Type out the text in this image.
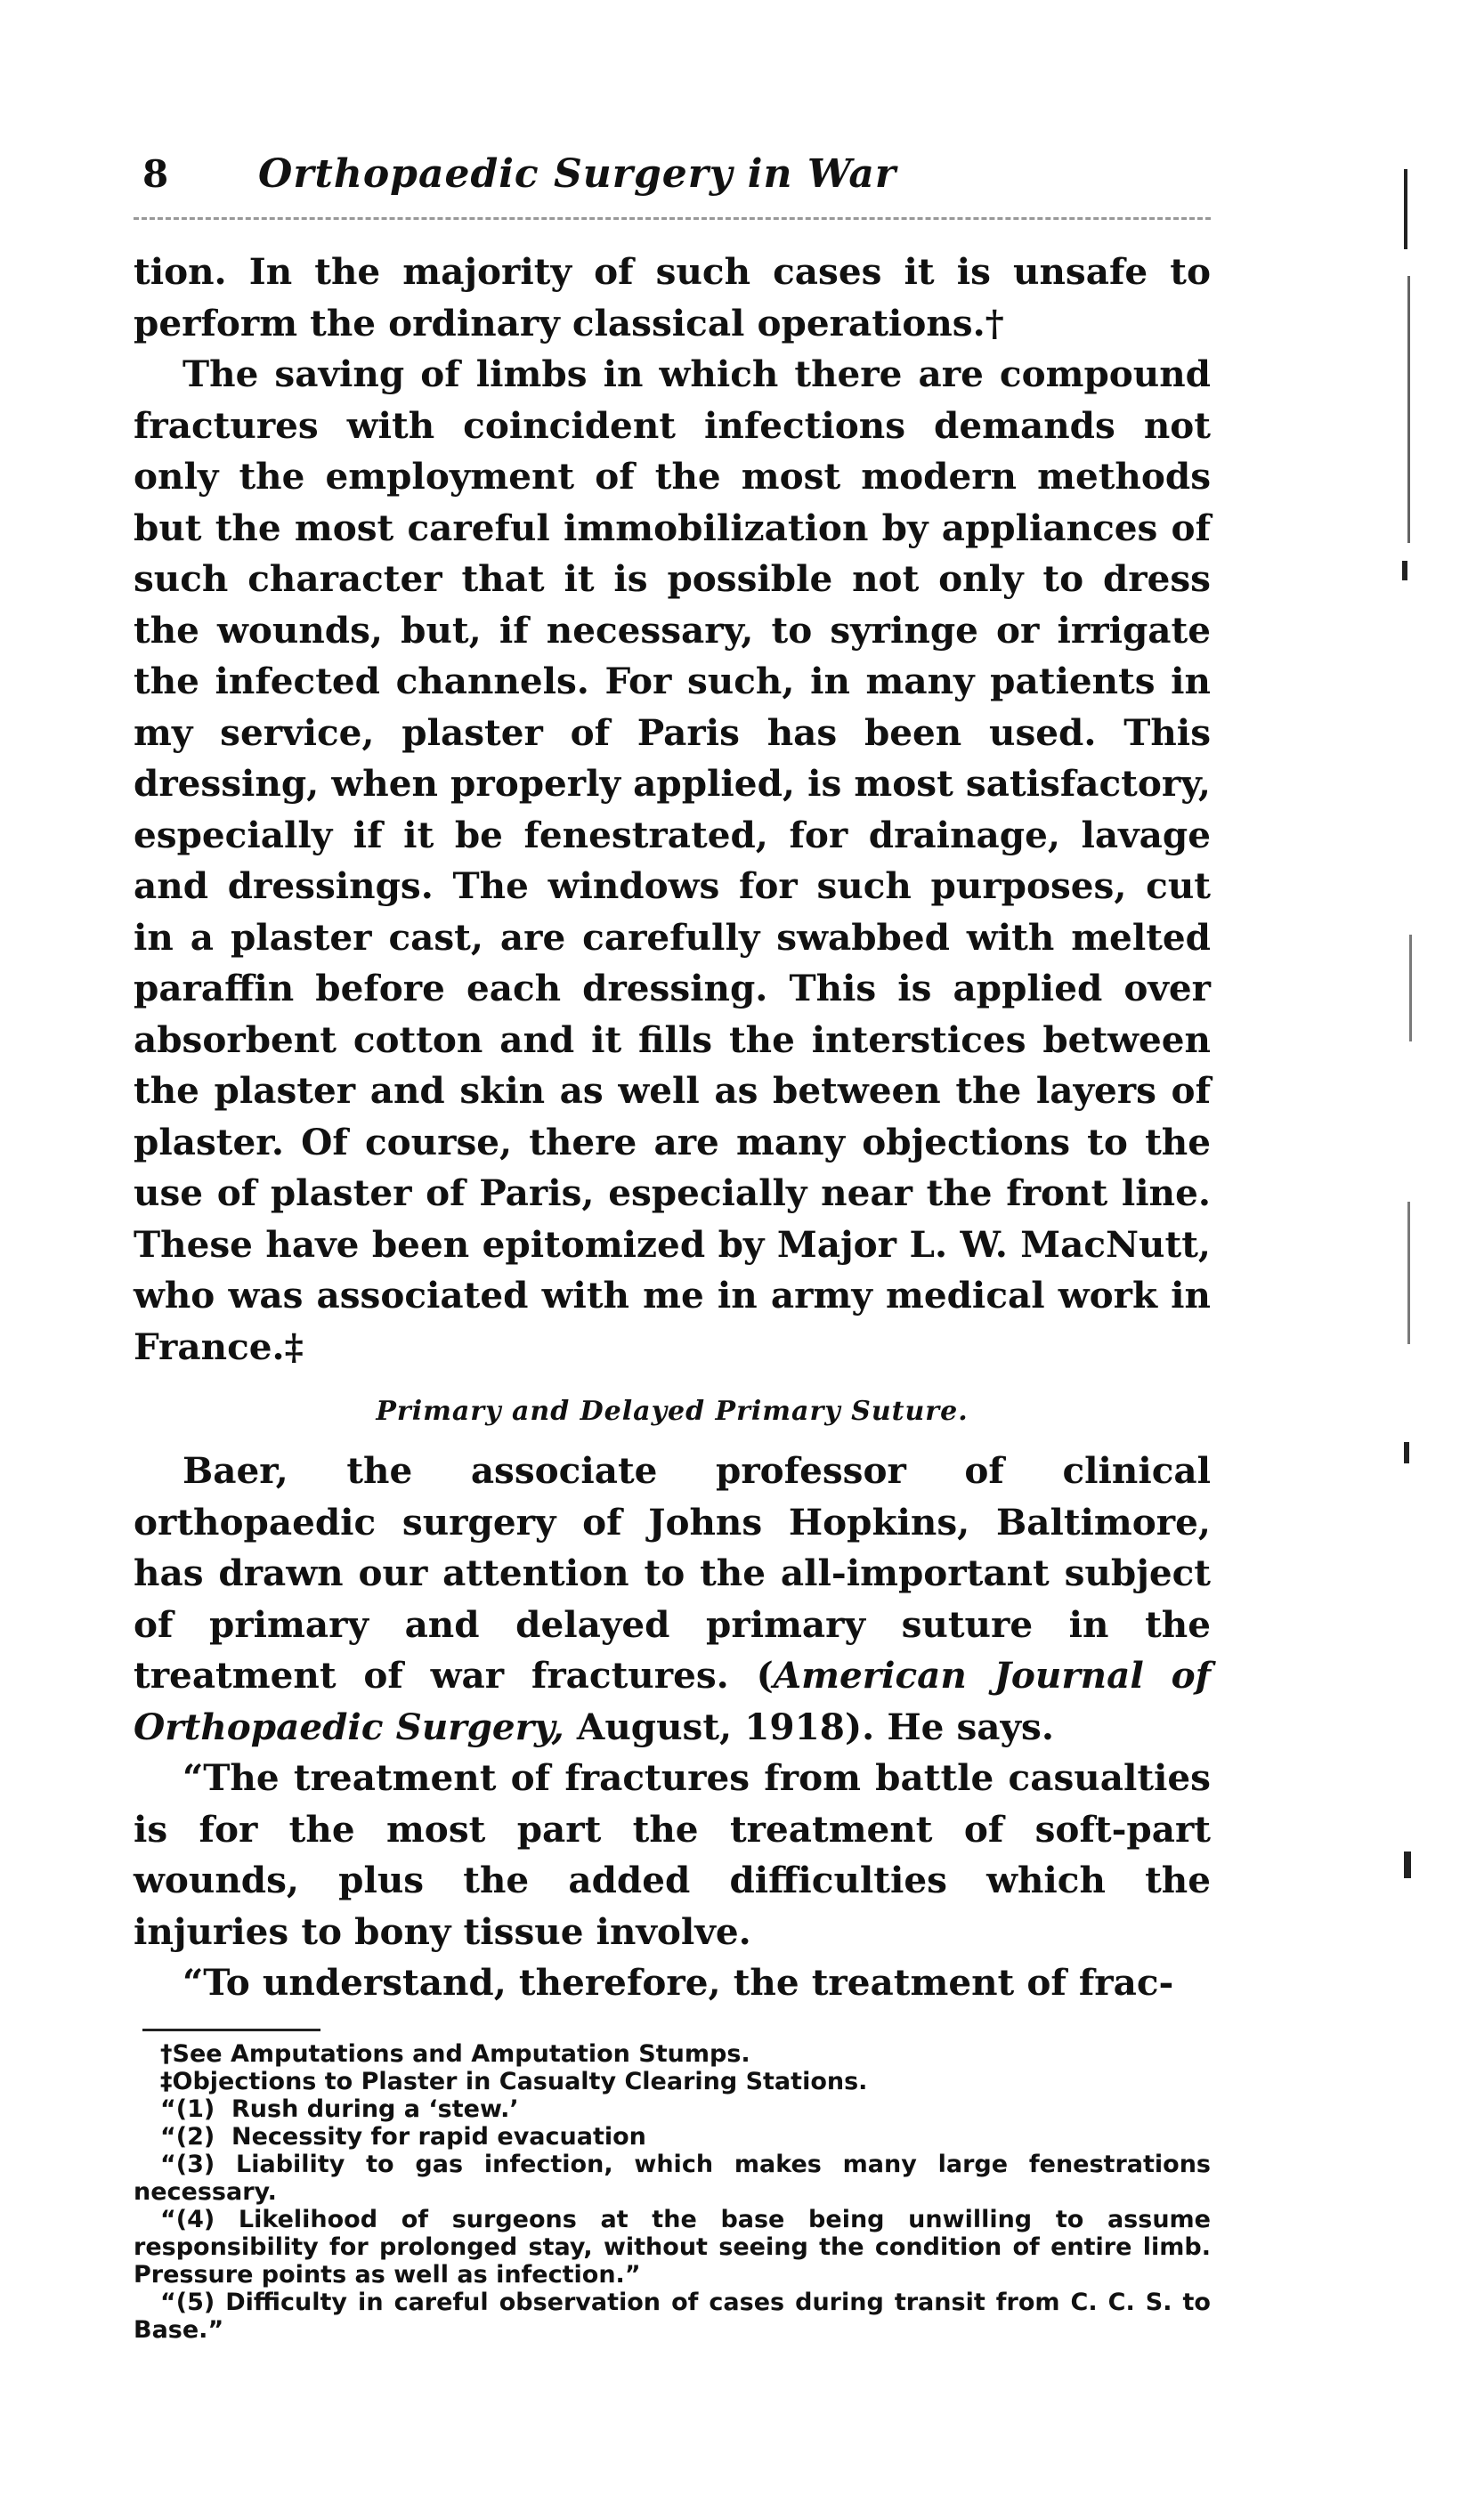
8	Orthopaedic Surgery in War

tion. In the majority of such cases it is unsafe to perform the ordinary classical operations.†

The saving of limbs in which there are compound fractures with coincident infections demands not only the employment of the most modern methods but the most careful immobilization by appliances of such character that it is possible not only to dress the wounds, but, if necessary, to syringe or irrigate the infected channels. For such, in many patients in my service, plaster of Paris has been used. This dressing, when properly applied, is most satisfactory, especially if it be fenestrated, for drainage, lavage and dressings. The windows for such purposes, cut in a plaster cast, are carefully swabbed with melted paraffin before each dressing. This is applied over absorbent cotton and it fills the interstices between the plaster and skin as well as between the layers of plaster. Of course, there are many objections to the use of plaster of Paris, especially near the front line. These have been epitomized by Major L. W. MacNutt, who was associated with me in army medical work in France.‡

Primary and Delayed Primary Suture.

Baer, the associate professor of clinical orthopaedic surgery of Johns Hopkins, Baltimore, has drawn our attention to the all-important subject of primary and delayed primary suture in the treatment of war fractures. (American Journal of Orthopaedic Surgery, August, 1918). He says.

“The treatment of fractures from battle casualties is for the most part the treatment of soft-part wounds, plus the added difficulties which the injuries to bony tissue involve.

“To understand, therefore, the treatment of frac-

†See Amputations and Amputation Stumps.

‡Objections to Plaster in Casualty Clearing Stations.

“(1)  Rush during a ‘stew.’

“(2)  Necessity for rapid evacuation

“(3) Liability to gas infection, which makes many large fenestrations necessary.

“(4) Likelihood of surgeons at the base being unwilling to assume responsibility for prolonged stay, without seeing the condition of entire limb. Pressure points as well as infection.”

“(5) Difficulty in careful observation of cases during transit from C. C. S. to Base.”
